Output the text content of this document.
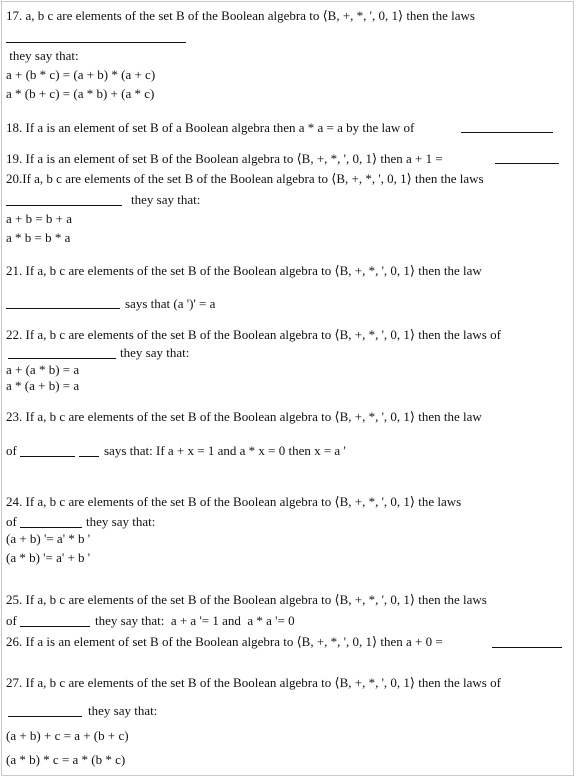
17. a, b c are elements of the set B of the Boolean algebra to ⟨B, +, *, ', 0, 1⟩ then the laws
they say that:
a + (b * c) = (a + b) * (a + c)
a * (b + c) = (a * b) + (a * c)
18. If a is an element of set B of a Boolean algebra then a * a = a by the law of
19. If a is an element of set B of the Boolean algebra to ⟨B, +, *, ', 0, 1⟩ then a + 1 =
20.If a, b c are elements of the set B of the Boolean algebra to ⟨B, +, *, ', 0, 1⟩ then the laws
they say that:
a + b = b + a
a * b = b * a
21. If a, b c are elements of the set B of the Boolean algebra to ⟨B, +, *, ', 0, 1⟩ then the law
says that (a ')' = a
22. If a, b c are elements of the set B of the Boolean algebra to ⟨B, +, *, ', 0, 1⟩ then the laws of
they say that:
a + (a * b) = a
a * (a + b) = a
23. If a, b c are elements of the set B of the Boolean algebra to ⟨B, +, *, ', 0, 1⟩ then the law
of	says that: If a + x = 1 and a * x = 0 then x = a '
24. If a, b c are elements of the set B of the Boolean algebra to ⟨B, +, *, ', 0, 1⟩ the laws
of	they say that:
(a + b) '= a' * b '
(a * b) '= a' + b '
25. If a, b c are elements of the set B of the Boolean algebra to ⟨B, +, *, ', 0, 1⟩ then the laws
of	they say that:  a + a '= 1 and  a * a '= 0
26. If a is an element of set B of the Boolean algebra to ⟨B, +, *, ', 0, 1⟩ then a + 0 =
27. If a, b c are elements of the set B of the Boolean algebra to ⟨B, +, *, ', 0, 1⟩ then the laws of
they say that:
(a + b) + c = a + (b + c)
(a * b) * c = a * (b * c)
